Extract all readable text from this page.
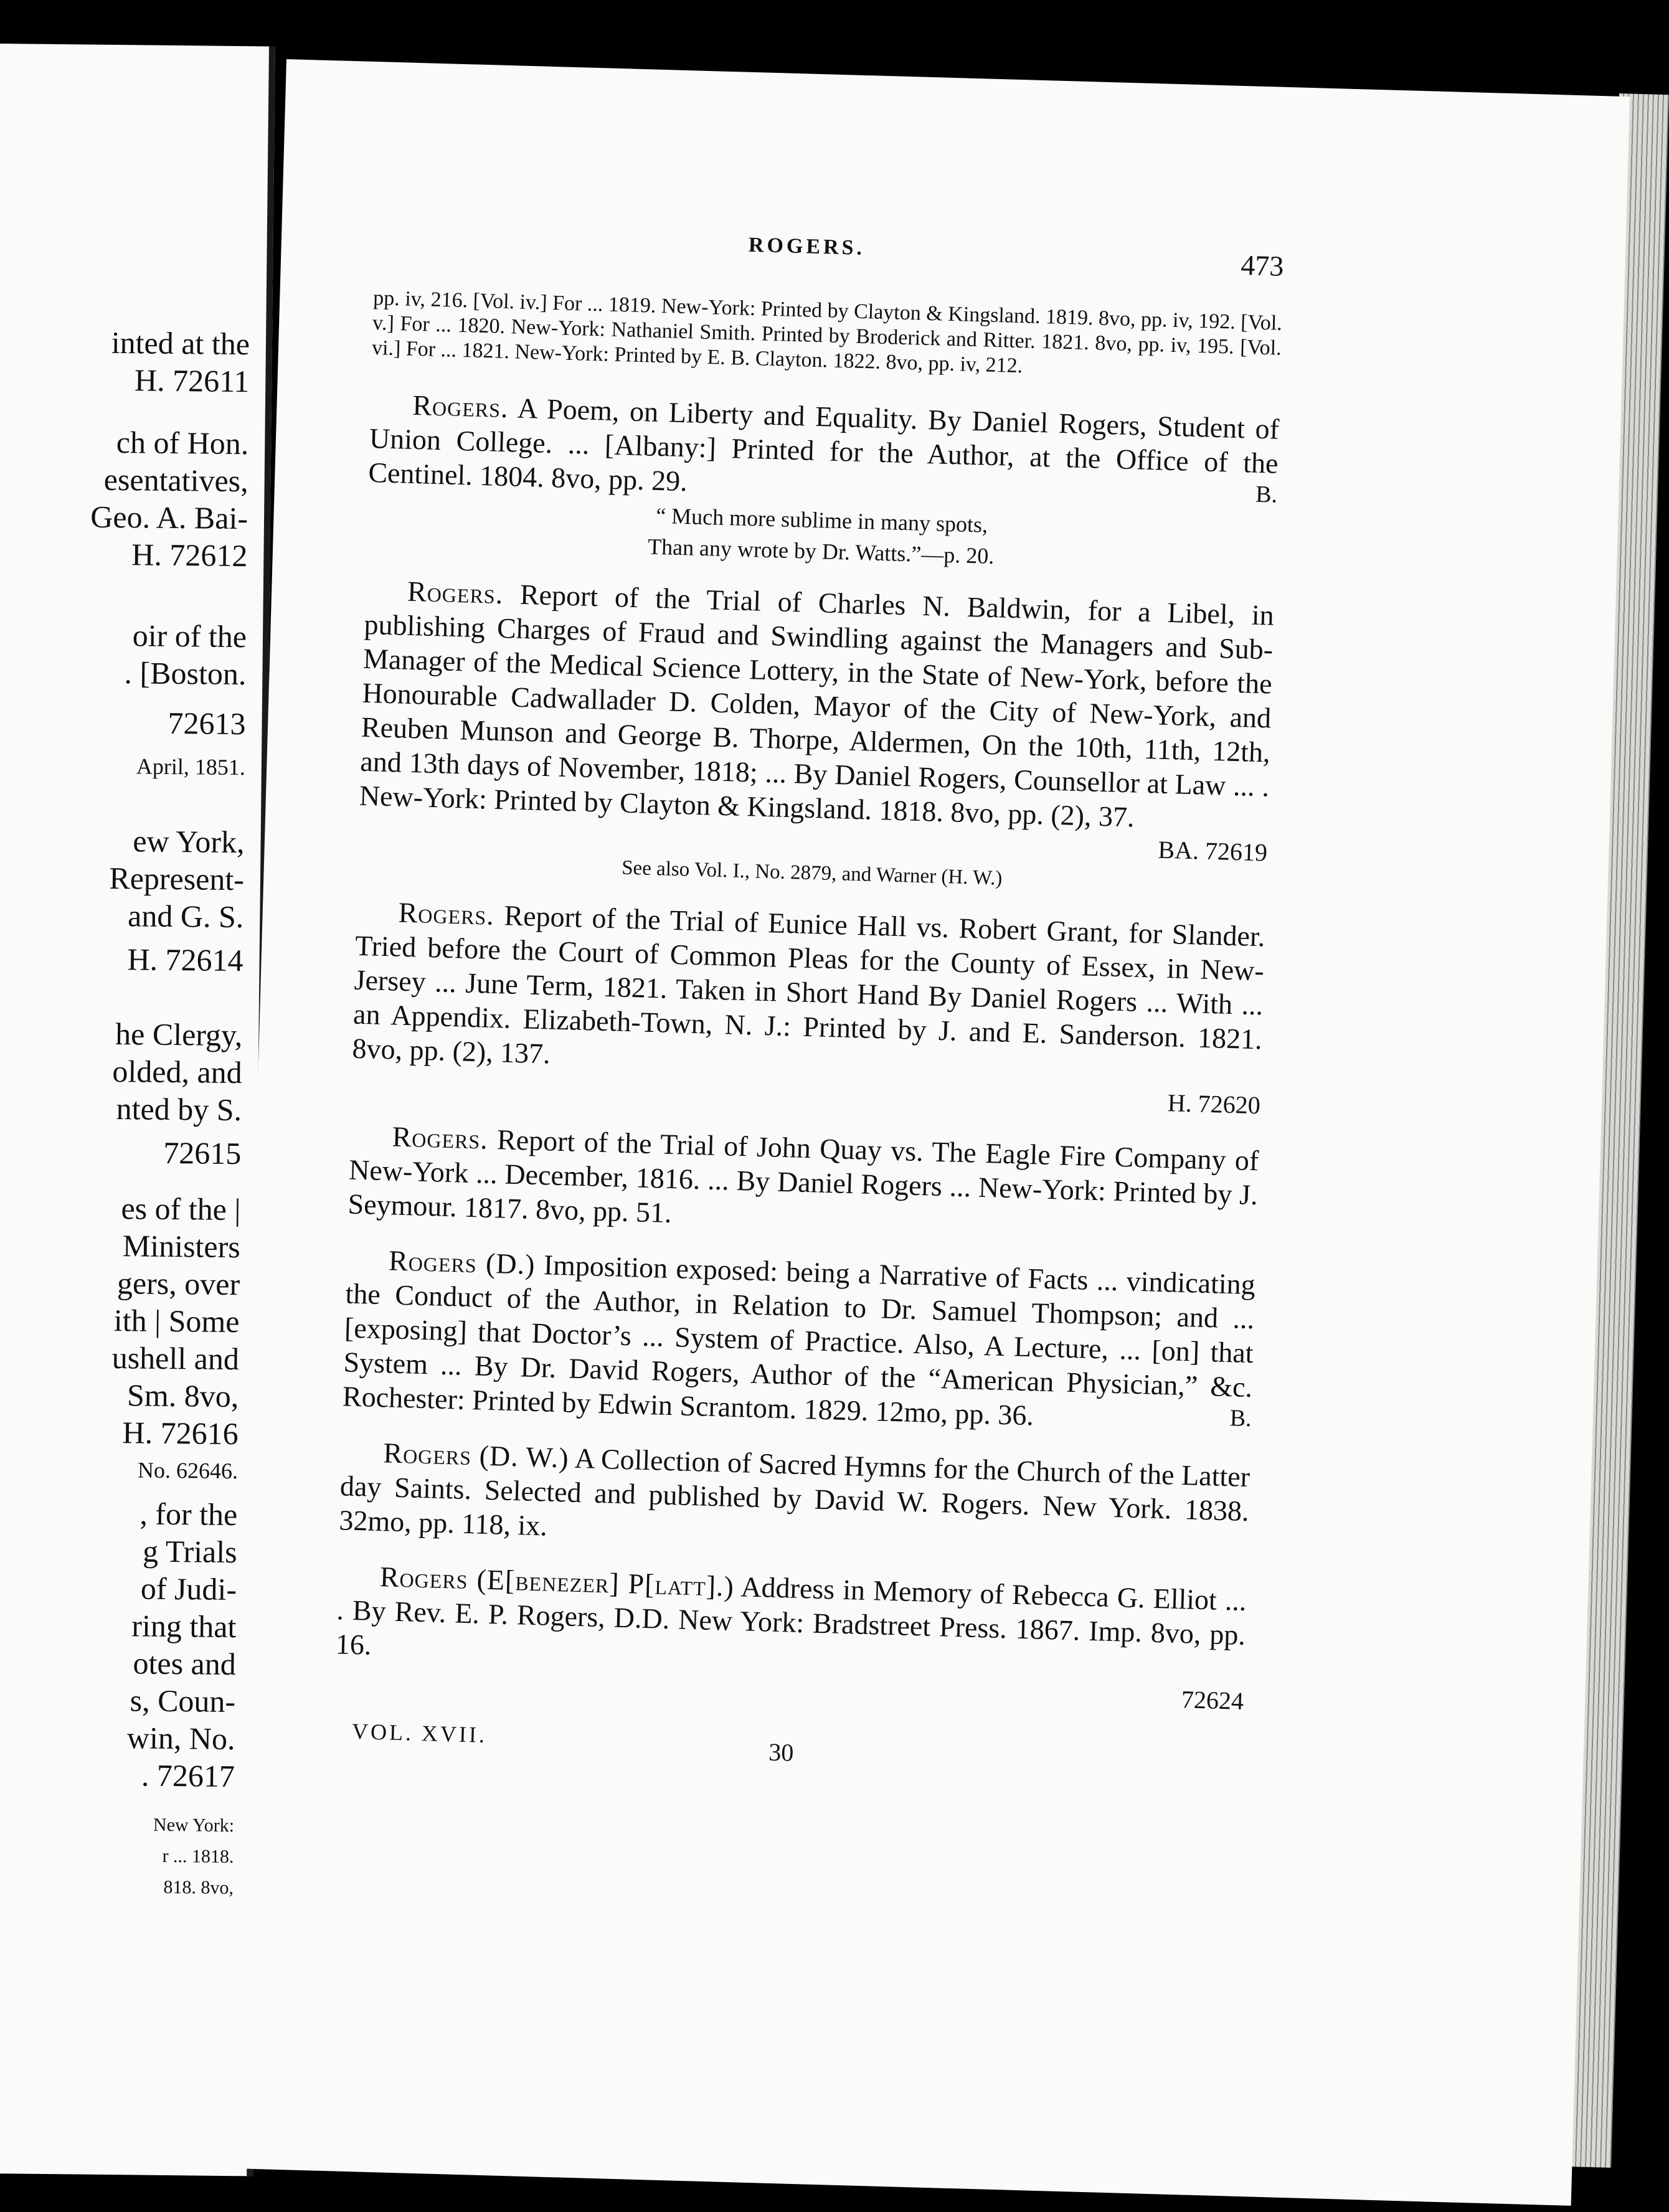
inted at the
H. 72611
ch of Hon.
esentatives,
Geo. A. Bai-
H. 72612
oir of the
. [Boston.
72613
April, 1851.
ew York,
Represent-
and G. S.
H. 72614
he Clergy,
olded, and
nted by S.
72615
es of the |
Ministers
gers, over
ith | Some
ushell and
Sm. 8vo,
H. 72616
No. 62646.
, for the
g Trials
of Judi-
ring that
otes and
s, Coun-
win, No.
. 72617
New York:
r ... 1818.
818. 8vo,
ROGERS.
473
pp. iv, 216. [Vol. iv.] For ... 1819. New-York: Printed by Clayton & Kingsland. 1819. 8vo, pp. iv, 192. [Vol. v.] For ... 1820. New-York: Nathaniel Smith. Printed by Broderick and Ritter. 1821. 8vo, pp. iv, 195. [Vol. vi.] For ... 1821. New-York: Printed by E. B. Clayton. 1822. 8vo, pp. iv, 212.

Rogers. A Poem, on Liberty and Equality. By Daniel Rogers, Student of Union College. ... [Albany:] Printed for the Author, at the Office of the Centinel. 1804. 8vo, pp. 29.	B.

“ Much more sublime in many spots,
Than any wrote by Dr. Watts.”—p. 20.

Rogers. Report of the Trial of Charles N. Baldwin, for a Libel, in publishing Charges of Fraud and Swindling against the Managers and Sub-Manager of the Medical Science Lottery, in the State of New-York, before the Honourable Cadwallader D. Colden, Mayor of the City of New-York, and Reuben Munson and George B. Thorpe, Aldermen, On the 10th, 11th, 12th, and 13th days of November, 1818; ... By Daniel Rogers, Counsellor at Law ... . New-York: Printed by Clayton & Kingsland. 1818. 8vo, pp. (2), 37.

BA. 72619
See also Vol. I., No. 2879, and Warner (H. W.)

Rogers. Report of the Trial of Eunice Hall vs. Robert Grant, for Slander. Tried before the Court of Common Pleas for the County of Essex, in New-Jersey ... June Term, 1821. Taken in Short Hand By Daniel Rogers ... With ... an Appendix. Elizabeth-Town, N. J.: Printed by J. and E. Sanderson. 1821. 8vo, pp. (2), 137.

H. 72620

Rogers. Report of the Trial of John Quay vs. The Eagle Fire Company of New-York ... December, 1816. ... By Daniel Rogers ... New-York: Printed by J. Seymour. 1817. 8vo, pp. 51.

Rogers (D.) Imposition exposed: being a Narrative of Facts ... vindicating the Conduct of the Author, in Relation to Dr. Samuel Thompson; and ... [exposing] that Doctor’s ... System of Practice. Also, A Lecture, ... [on] that System ... By Dr. David Rogers, Author of the “American Physician,” &c. Rochester: Printed by Edwin Scrantom. 1829. 12mo, pp. 36.	B.

Rogers (D. W.) A Collection of Sacred Hymns for the Church of the Latter day Saints. Selected and published by David W. Rogers. New York. 1838. 32mo, pp. 118, ix.

Rogers (E[benezer] P[latt].) Address in Memory of Rebecca G. Elliot ... . By Rev. E. P. Rogers, D.D. New York: Bradstreet Press. 1867. Imp. 8vo, pp. 16.

72624
VOL. XVII.
30
